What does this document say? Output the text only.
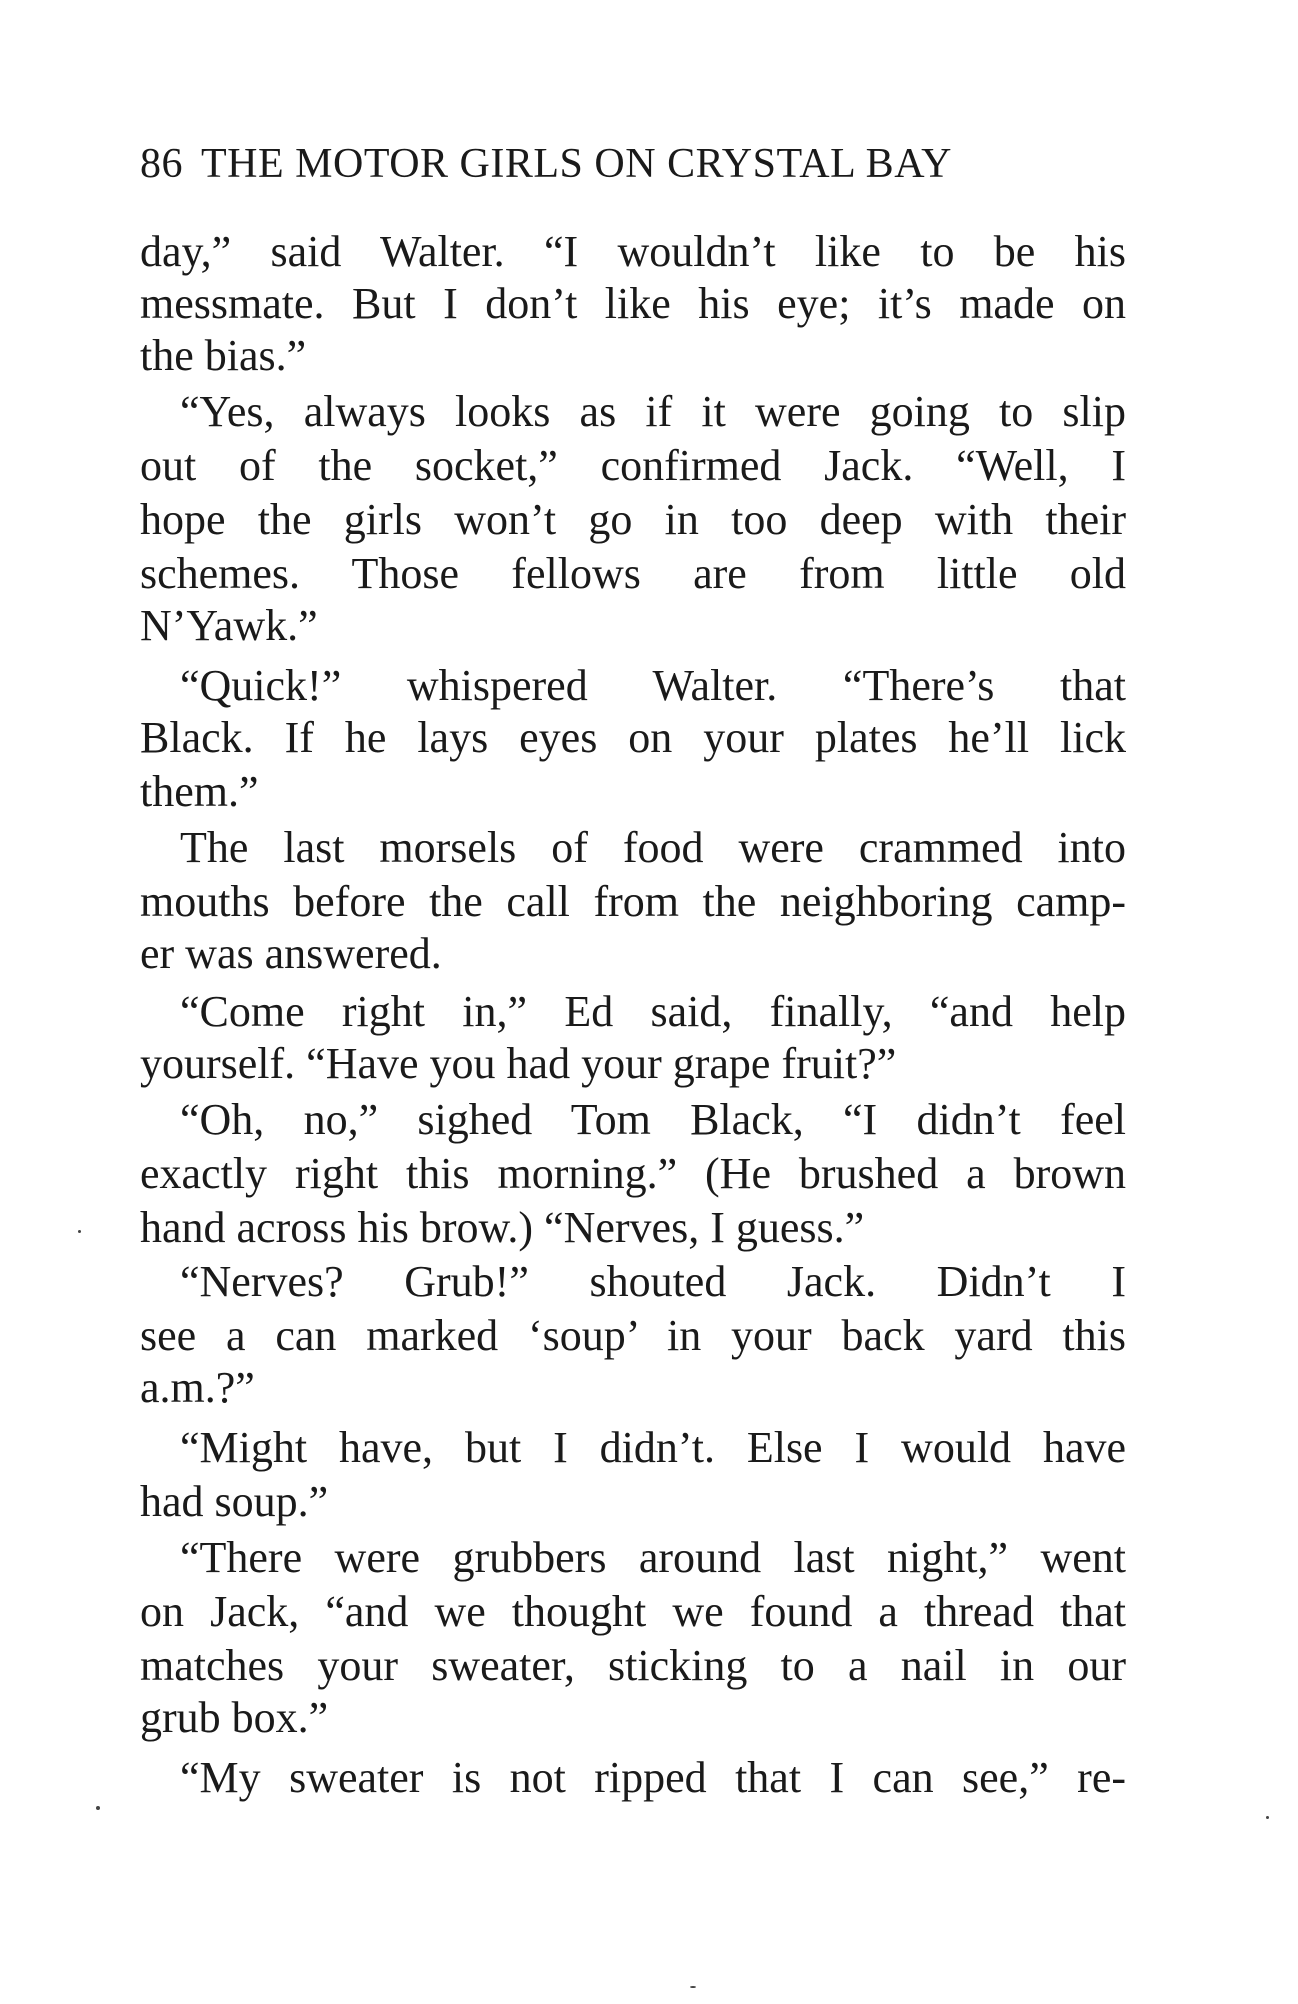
86 THE MOTOR GIRLS ON CRYSTAL BAY
day,” said Walter. “I wouldn’t like to be his
messmate. But I don’t like his eye; it’s made on
the bias.”
“Yes, always looks as if it were going to slip
out of the socket,” confirmed Jack. “Well, I
hope the girls won’t go in too deep with their
schemes. Those fellows are from little old
N’Yawk.”
“Quick!” whispered Walter. “There’s that
Black. If he lays eyes on your plates he’ll lick
them.”
The last morsels of food were crammed into
mouths before the call from the neighboring camp-
er was answered.
“Come right in,” Ed said, finally, “and help
yourself. “Have you had your grape fruit?”
“Oh, no,” sighed Tom Black, “I didn’t feel
exactly right this morning.” (He brushed a brown
hand across his brow.) “Nerves, I guess.”
“Nerves? Grub!” shouted Jack. Didn’t I
see a can marked ‘soup’ in your back yard this
a.m.?”
“Might have, but I didn’t. Else I would have
had soup.”
“There were grubbers around last night,” went
on Jack, “and we thought we found a thread that
matches your sweater, sticking to a nail in our
grub box.”
“My sweater is not ripped that I can see,” re-
